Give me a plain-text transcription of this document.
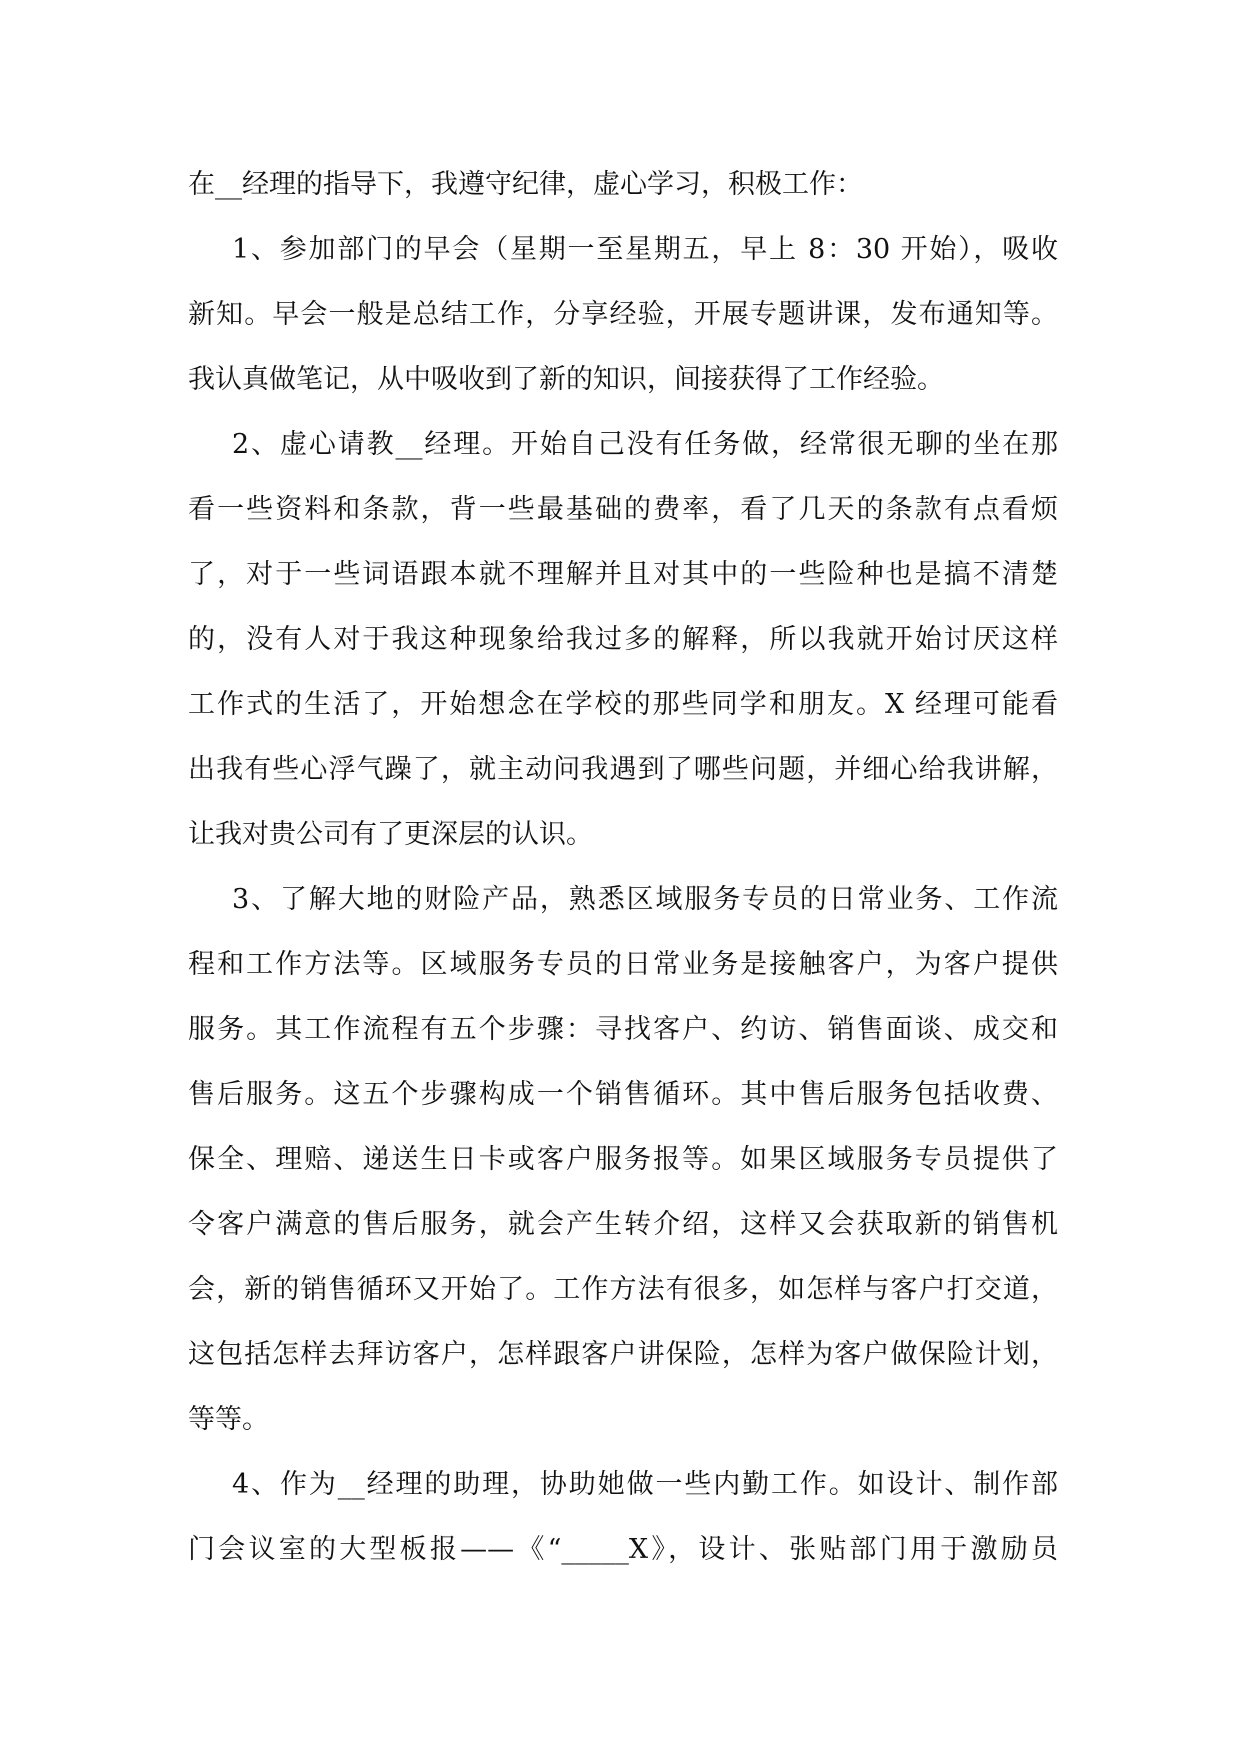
在__经理的指导下，我遵守纪律，虚心学习，积极工作：
1、参加部门的早会（星期一至星期五，早上 8：30 开始），吸收
新知。早会一般是总结工作，分享经验，开展专题讲课，发布通知等。
我认真做笔记，从中吸收到了新的知识，间接获得了工作经验。
2、虚心请教__经理。开始自己没有任务做，经常很无聊的坐在那
看一些资料和条款，背一些最基础的费率，看了几天的条款有点看烦
了，对于一些词语跟本就不理解并且对其中的一些险种也是搞不清楚
的，没有人对于我这种现象给我过多的解释，所以我就开始讨厌这样
工作式的生活了，开始想念在学校的那些同学和朋友。X 经理可能看
出我有些心浮气躁了，就主动问我遇到了哪些问题，并细心给我讲解，
让我对贵公司有了更深层的认识。
3、了解大地的财险产品，熟悉区域服务专员的日常业务、工作流
程和工作方法等。区域服务专员的日常业务是接触客户，为客户提供
服务。其工作流程有五个步骤：寻找客户、约访、销售面谈、成交和
售后服务。这五个步骤构成一个销售循环。其中售后服务包括收费、
保全、理赔、递送生日卡或客户服务报等。如果区域服务专员提供了
令客户满意的售后服务，就会产生转介绍，这样又会获取新的销售机
会，新的销售循环又开始了。工作方法有很多，如怎样与客户打交道，
这包括怎样去拜访客户，怎样跟客户讲保险，怎样为客户做保险计划，
等等。
4、作为__经理的助理，协助她做一些内勤工作。如设计、制作部
门会议室的大型板报——《“_____X》，设计、张贴部门用于激励员
